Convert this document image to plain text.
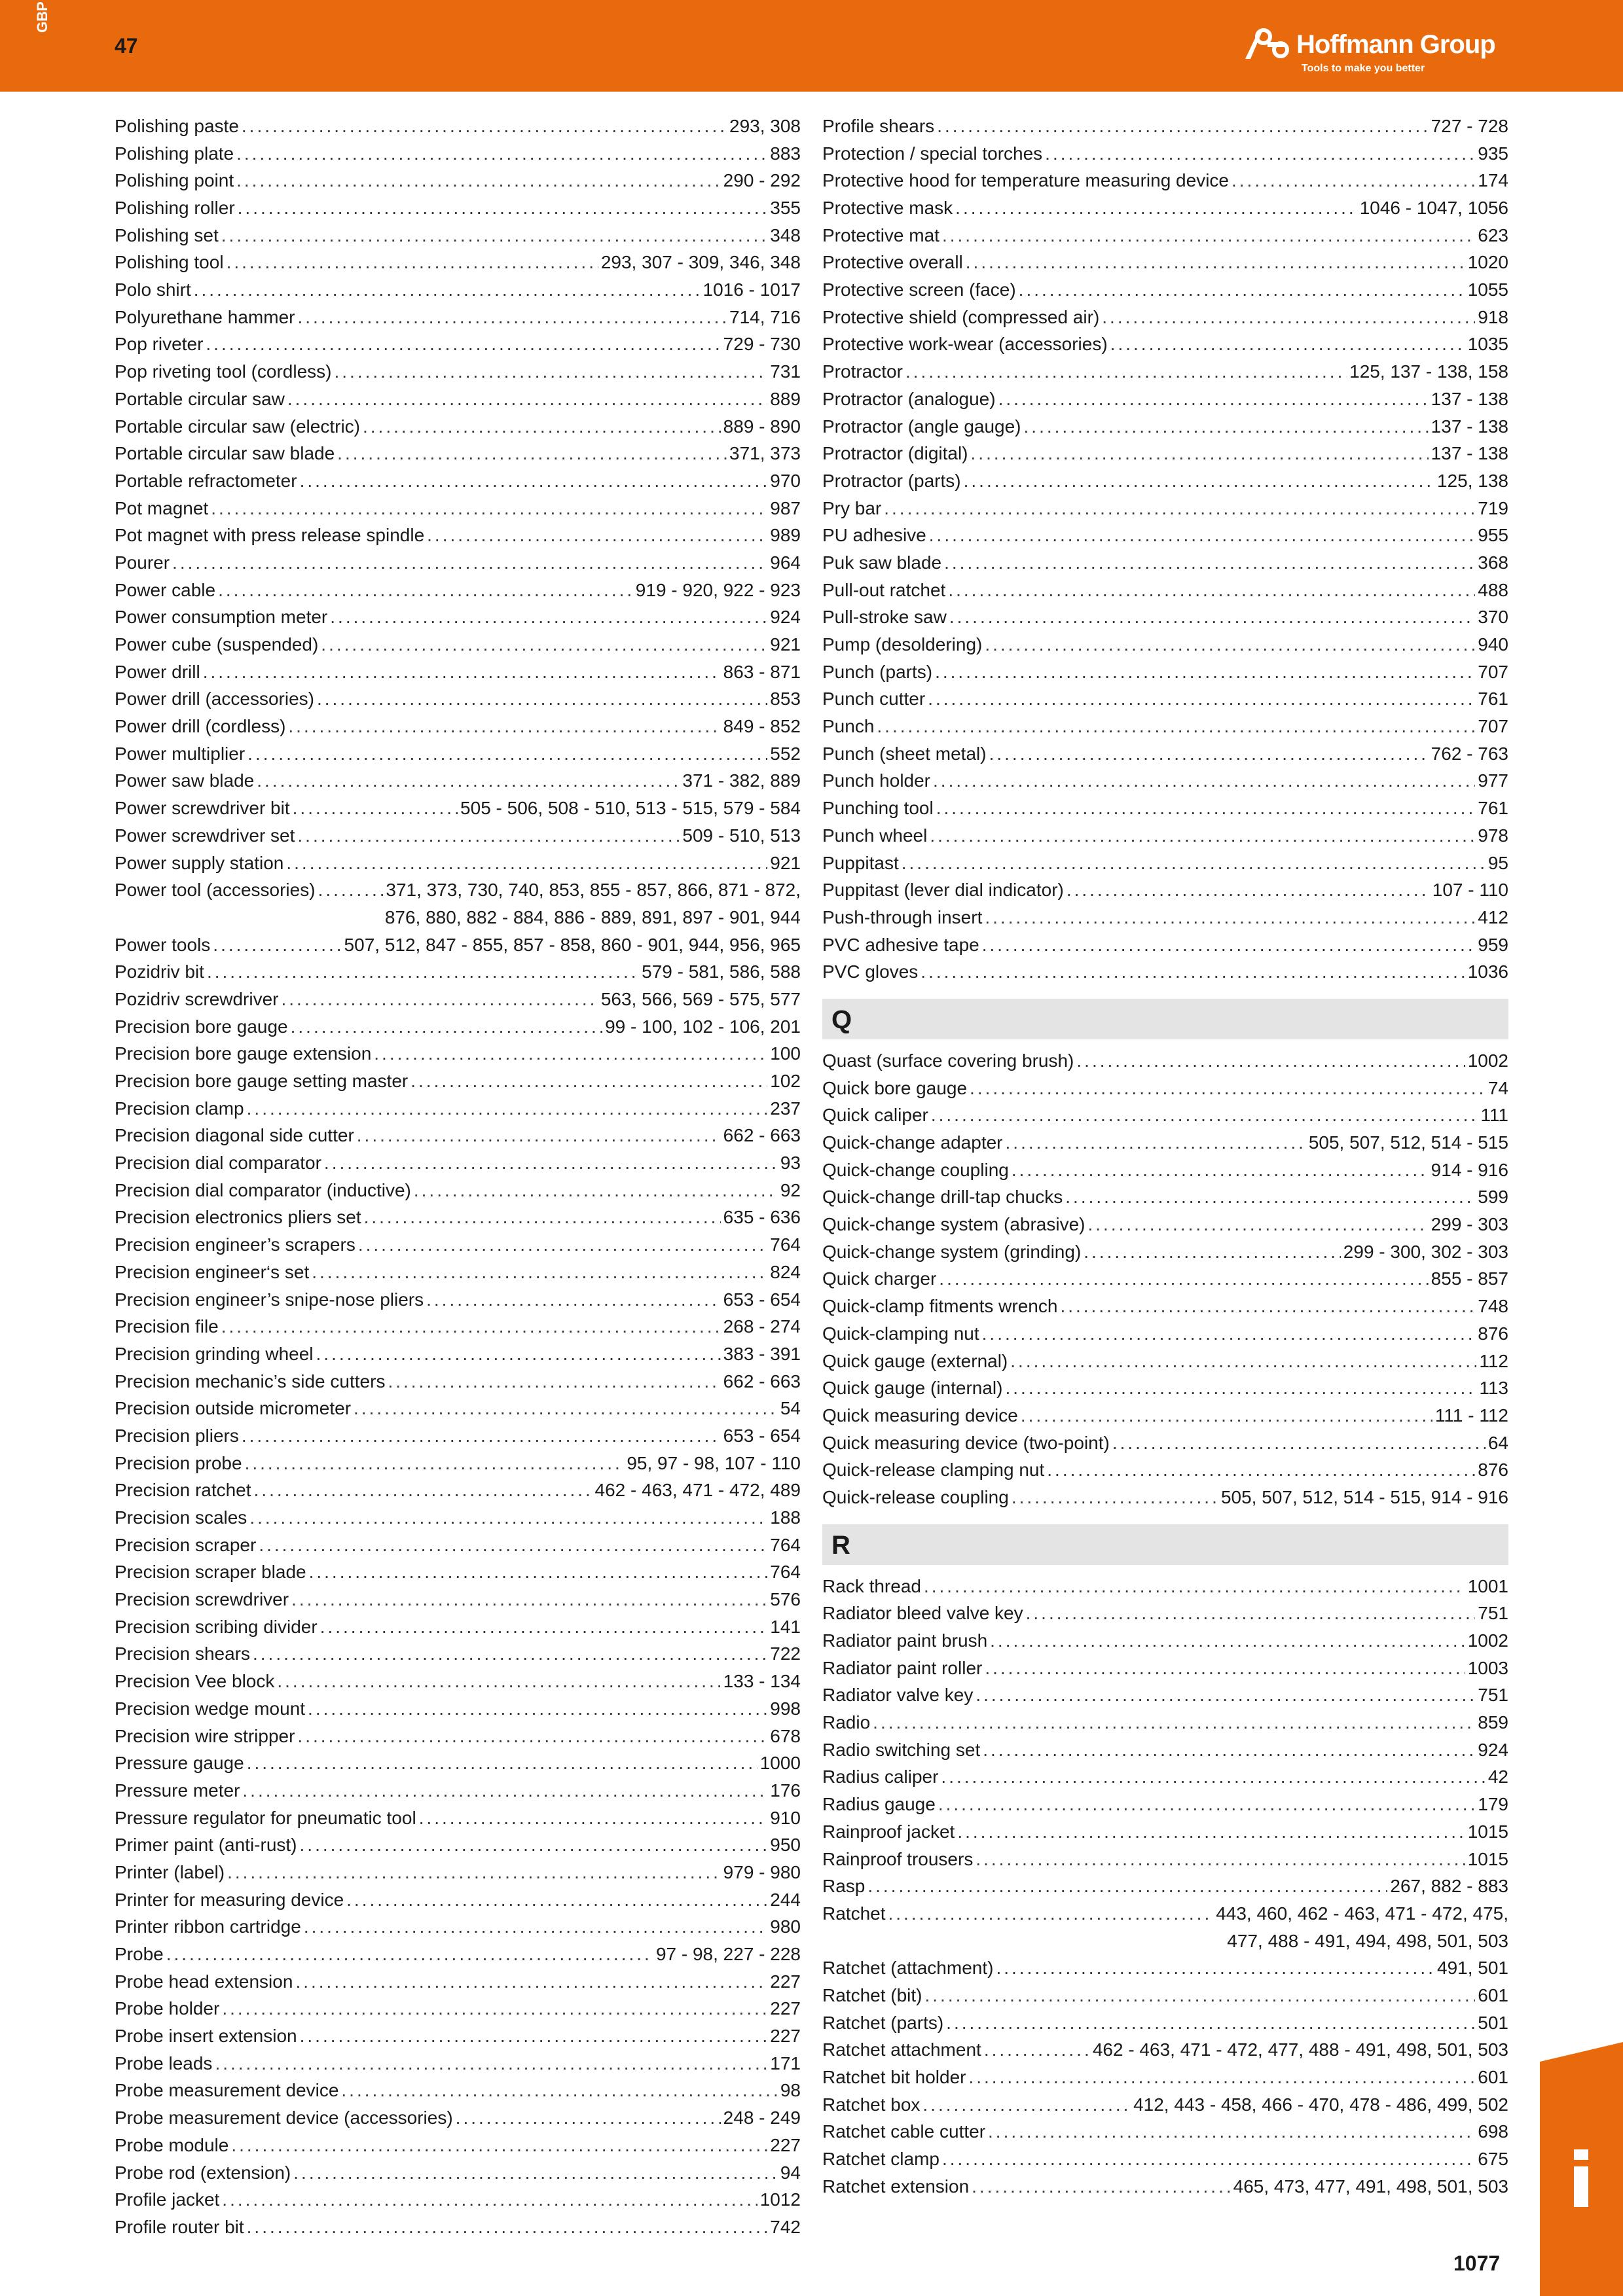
GBP
47	Hoffmann Group
Tools to make you better
Polishing paste .....	293, 308
Polishing plate .....	883
Polishing point .....	290 - 292
Polishing roller .....	355
Polishing set .....	348
Polishing tool .....	293, 307 - 309, 346, 348
Polo shirt .....	1016 - 1017
Polyurethane hammer .....	714, 716
Pop riveter .....	729 - 730
Pop riveting tool (cordless) .....	731
Portable circular saw .....	889
Portable circular saw (electric) .....	889 - 890
Portable circular saw blade .....	371, 373
Portable refractometer .....	970
Pot magnet .....	987
Pot magnet with press release spindle .....	989
Pourer .....	964
Power cable .....	919 - 920, 922 - 923
Power consumption meter .....	924
Power cube (suspended) .....	921
Power drill .....	863 - 871
Power drill (accessories) .....	853
Power drill (cordless) .....	849 - 852
Power multiplier .....	552
Power saw blade .....	371 - 382, 889
Power screwdriver bit .....	505 - 506, 508 - 510, 513 - 515, 579 - 584
Power screwdriver set .....	509 - 510, 513
Power supply station .....	921
Power tool (accessories) .....	371, 373, 730, 740, 853, 855 - 857, 866, 871 - 872,
876, 880, 882 - 884, 886 - 889, 891, 897 - 901, 944
Power tools .....	507, 512, 847 - 855, 857 - 858, 860 - 901, 944, 956, 965
Pozidriv bit .....	579 - 581, 586, 588
Pozidriv screwdriver .....	563, 566, 569 - 575, 577
Precision bore gauge .....	99 - 100, 102 - 106, 201
Precision bore gauge extension .....	100
Precision bore gauge setting master .....	102
Precision clamp .....	237
Precision diagonal side cutter .....	662 - 663
Precision dial comparator .....	93
Precision dial comparator (inductive) .....	92
Precision electronics pliers set .....	635 - 636
Precision engineer’s scrapers .....	764
Precision engineer‘s set .....	824
Precision engineer’s snipe-nose pliers .....	653 - 654
Precision file .....	268 - 274
Precision grinding wheel .....	383 - 391
Precision mechanic’s side cutters .....	662 - 663
Precision outside micrometer .....	54
Precision pliers .....	653 - 654
Precision probe .....	95, 97 - 98, 107 - 110
Precision ratchet .....	462 - 463, 471 - 472, 489
Precision scales .....	188
Precision scraper .....	764
Precision scraper blade .....	764
Precision screwdriver .....	576
Precision scribing divider .....	141
Precision shears .....	722
Precision Vee block .....	133 - 134
Precision wedge mount .....	998
Precision wire stripper .....	678
Pressure gauge .....	1000
Pressure meter .....	176
Pressure regulator for pneumatic tool .....	910
Primer paint (anti-rust) .....	950
Printer (label) .....	979 - 980
Printer for measuring device .....	244
Printer ribbon cartridge .....	980
Probe .....	97 - 98, 227 - 228
Probe head extension .....	227
Probe holder .....	227
Probe insert extension .....	227
Probe leads .....	171
Probe measurement device .....	98
Probe measurement device (accessories) .....	248 - 249
Probe module .....	227
Probe rod (extension) .....	94
Profile jacket .....	1012
Profile router bit .....	742
Profile shears .....	727 - 728
Protection / special torches .....	935
Protective hood for temperature measuring device .....	174
Protective mask .....	1046 - 1047, 1056
Protective mat .....	623
Protective overall .....	1020
Protective screen (face) .....	1055
Protective shield (compressed air) .....	918
Protective work-wear (accessories) .....	1035
Protractor .....	125, 137 - 138, 158
Protractor (analogue) .....	137 - 138
Protractor (angle gauge) .....	137 - 138
Protractor (digital) .....	137 - 138
Protractor (parts) .....	125, 138
Pry bar .....	719
PU adhesive .....	955
Puk saw blade .....	368
Pull-out ratchet .....	488
Pull-stroke saw .....	370
Pump (desoldering) .....	940
Punch (parts) .....	707
Punch cutter .....	761
Punch .....	707
Punch (sheet metal) .....	762 - 763
Punch holder .....	977
Punching tool .....	761
Punch wheel .....	978
Puppitast .....	95
Puppitast (lever dial indicator) .....	107 - 110
Push-through insert .....	412
PVC adhesive tape .....	959
PVC gloves .....	1036
Q
Quast (surface covering brush) .....	1002
Quick bore gauge .....	74
Quick caliper .....	111
Quick-change adapter .....	505, 507, 512, 514 - 515
Quick-change coupling .....	914 - 916
Quick-change drill-tap chucks .....	599
Quick-change system (abrasive) .....	299 - 303
Quick-change system (grinding) .....	299 - 300, 302 - 303
Quick charger .....	855 - 857
Quick-clamp fitments wrench .....	748
Quick-clamping nut .....	876
Quick gauge (external) .....	112
Quick gauge (internal) .....	113
Quick measuring device .....	111 - 112
Quick measuring device (two-point) .....	64
Quick-release clamping nut .....	876
Quick-release coupling .....	505, 507, 512, 514 - 515, 914 - 916
R
Rack thread .....	1001
Radiator bleed valve key .....	751
Radiator paint brush .....	1002
Radiator paint roller .....	1003
Radiator valve key .....	751
Radio .....	859
Radio switching set .....	924
Radius caliper .....	42
Radius gauge .....	179
Rainproof jacket .....	1015
Rainproof trousers .....	1015
Rasp .....	267, 882 - 883
Ratchet .....	443, 460, 462 - 463, 471 - 472, 475,
477, 488 - 491, 494, 498, 501, 503
Ratchet (attachment) .....	491, 501
Ratchet (bit) .....	601
Ratchet (parts) .....	501
Ratchet attachment .....	462 - 463, 471 - 472, 477, 488 - 491, 498, 501, 503
Ratchet bit holder .....	601
Ratchet box .....	412, 443 - 458, 466 - 470, 478 - 486, 499, 502
Ratchet cable cutter .....	698
Ratchet clamp .....	675
Ratchet extension .....	465, 473, 477, 491, 498, 501, 503
1077
